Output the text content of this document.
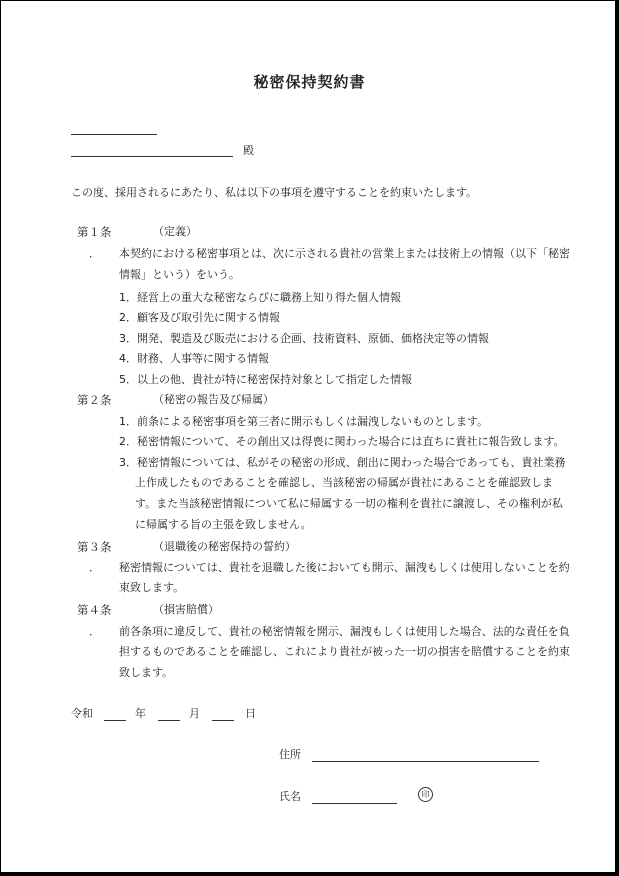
秘密保持契約書
殿
この度、採用されるにあたり、私は以下の事項を遵守することを約束いたします。
第１条	（定義）
． 本契約における秘密事項とは、次に示される貴社の営業上または技術上の情報（以下「秘密
情報」という）をいう。
1．経営上の重大な秘密ならびに職務上知り得た個人情報
2．顧客及び取引先に関する情報
3．開発、製造及び販売における企画、技術資料、原価、価格決定等の情報
4．財務、人事等に関する情報
5．以上の他、貴社が特に秘密保持対象として指定した情報
第２条	（秘密の報告及び帰属）
1．前条による秘密事項を第三者に開示もしくは漏洩しないものとします。
2．秘密情報について、その創出又は得喪に関わった場合には直ちに貴社に報告致します。
3．秘密情報については、私がその秘密の形成、創出に関わった場合であっても、貴社業務
上作成したものであることを確認し、当該秘密の帰属が貴社にあることを確認致しま
す。また当該秘密情報について私に帰属する一切の権利を貴社に譲渡し、その権利が私
に帰属する旨の主張を致しません。
第３条	（退職後の秘密保持の誓約）
． 秘密情報については、貴社を退職した後においても開示、漏洩もしくは使用しないことを約
束致します。
第４条	（損害賠償）
． 前各条項に違反して、貴社の秘密情報を開示、漏洩もしくは使用した場合、法的な責任を負
担するものであることを確認し、これにより貴社が被った一切の損害を賠償することを約束
致します。
令和	年	月	日
住所
氏名	印
